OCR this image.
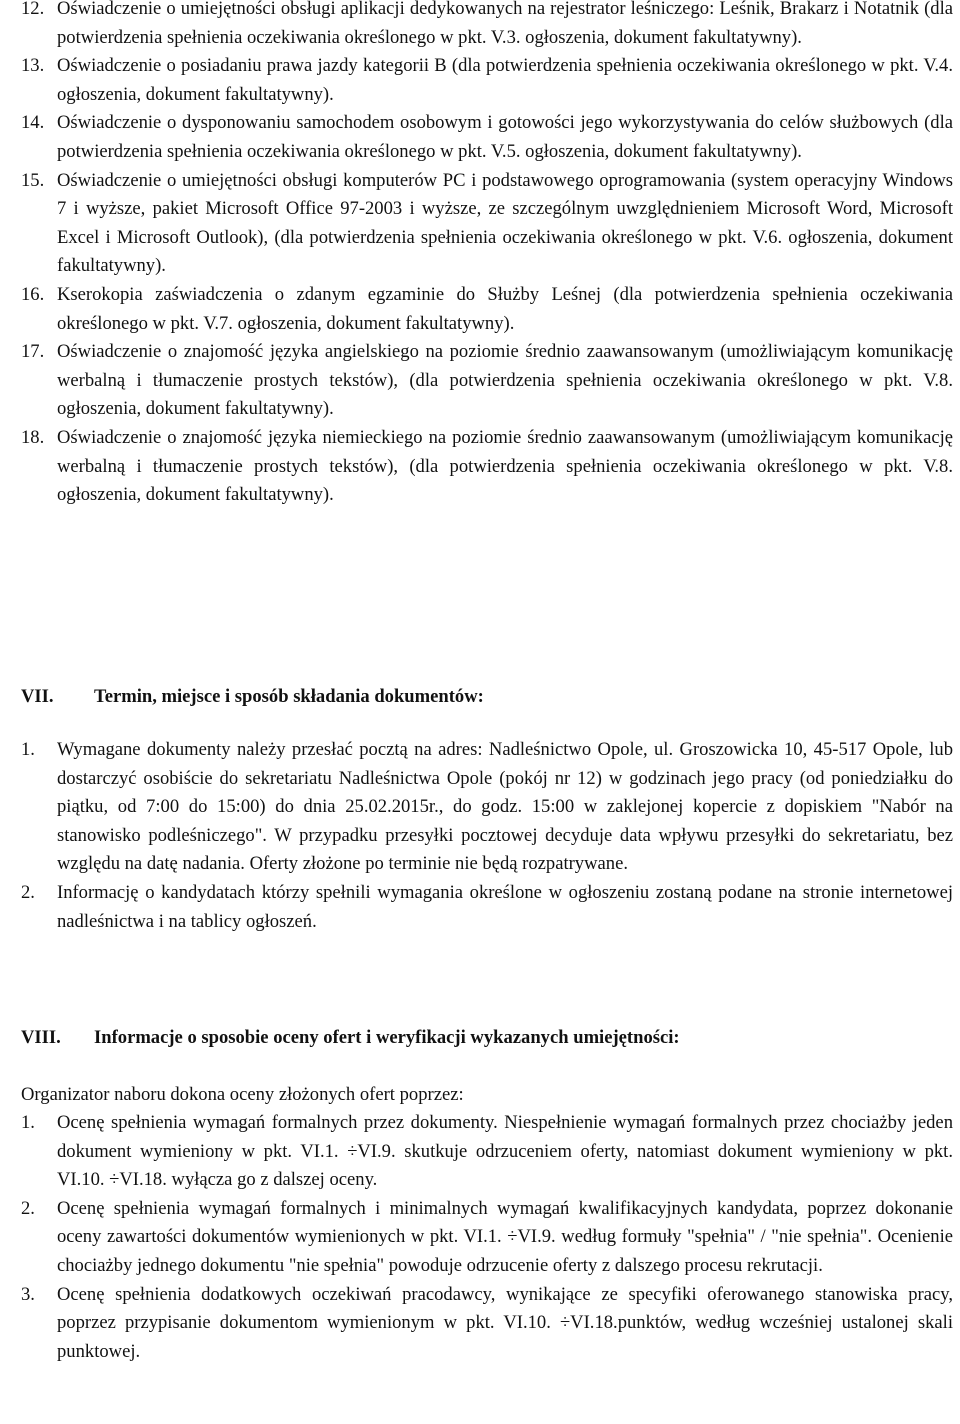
12. Oświadczenie o umiejętności obsługi aplikacji dedykowanych na rejestrator leśniczego: Leśnik, Brakarz i Notatnik (dla potwierdzenia spełnienia oczekiwania określonego w pkt. V.3. ogłoszenia, dokument fakultatywny).
13. Oświadczenie o posiadaniu prawa jazdy kategorii B (dla potwierdzenia spełnienia oczekiwania określonego w pkt. V.4. ogłoszenia, dokument fakultatywny).
14. Oświadczenie o dysponowaniu samochodem osobowym i gotowości jego wykorzystywania do celów służbowych (dla potwierdzenia spełnienia oczekiwania określonego w pkt. V.5. ogłoszenia, dokument fakultatywny).
15. Oświadczenie o umiejętności obsługi komputerów PC i podstawowego oprogramowania (system operacyjny Windows 7 i wyższe, pakiet Microsoft Office 97-2003 i wyższe, ze szczególnym uwzględnieniem Microsoft Word, Microsoft Excel i Microsoft Outlook), (dla potwierdzenia spełnienia oczekiwania określonego w pkt. V.6. ogłoszenia, dokument fakultatywny).
16. Kserokopia zaświadczenia o zdanym egzaminie do Służby Leśnej (dla potwierdzenia spełnienia oczekiwania określonego w pkt. V.7. ogłoszenia, dokument fakultatywny).
17. Oświadczenie o znajomość języka angielskiego na poziomie średnio zaawansowanym (umożliwiającym komunikację werbalną i tłumaczenie prostych tekstów), (dla potwierdzenia spełnienia oczekiwania określonego w pkt. V.8. ogłoszenia, dokument fakultatywny).
18. Oświadczenie o znajomość języka niemieckiego na poziomie średnio zaawansowanym (umożliwiającym komunikację werbalną i tłumaczenie prostych tekstów), (dla potwierdzenia spełnienia oczekiwania określonego w pkt. V.8. ogłoszenia, dokument fakultatywny).
VII.	Termin, miejsce i sposób składania dokumentów:
1. Wymagane dokumenty należy przesłać pocztą na adres: Nadleśnictwo Opole, ul. Groszowicka 10, 45-517 Opole, lub dostarczyć osobiście do sekretariatu Nadleśnictwa Opole (pokój nr 12) w godzinach jego pracy (od poniedziałku do piątku, od 7:00 do 15:00) do dnia 25.02.2015r., do godz. 15:00 w zaklejonej kopercie z dopiskiem "Nabór na stanowisko podleśniczego". W przypadku przesyłki pocztowej decyduje data wpływu przesyłki do sekretariatu, bez względu na datę nadania. Oferty złożone po terminie nie będą rozpatrywane.
2. Informację o kandydatach którzy spełnili wymagania określone w ogłoszeniu zostaną podane na stronie internetowej nadleśnictwa i na tablicy ogłoszeń.
VIII.	Informacje o sposobie oceny ofert i weryfikacji wykazanych umiejętności:
Organizator naboru dokona oceny złożonych ofert poprzez:
1. Ocenę spełnienia wymagań formalnych przez dokumenty. Niespełnienie wymagań formalnych przez chociażby jeden dokument wymieniony w pkt. VI.1. ÷VI.9. skutkuje odrzuceniem oferty, natomiast dokument wymieniony w pkt. VI.10. ÷VI.18. wyłącza go z dalszej oceny.
2. Ocenę spełnienia wymagań formalnych i minimalnych wymagań kwalifikacyjnych kandydata, poprzez dokonanie oceny zawartości dokumentów wymienionych w pkt. VI.1. ÷VI.9. według formuły "spełnia" / "nie spełnia". Ocenienie chociażby jednego dokumentu "nie spełnia" powoduje odrzucenie oferty z dalszego procesu rekrutacji.
3. Ocenę spełnienia dodatkowych oczekiwań pracodawcy, wynikające ze specyfiki oferowanego stanowiska pracy, poprzez przypisanie dokumentom wymienionym w pkt. VI.10. ÷VI.18.punktów, według wcześniej ustalonej skali punktowej.
